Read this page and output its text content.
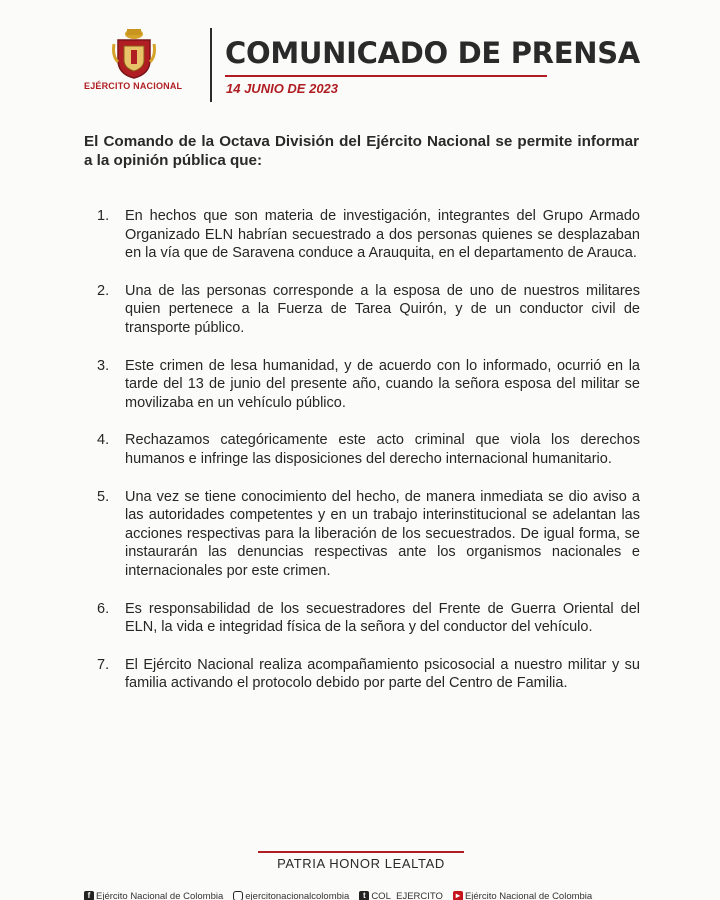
EJÉRCITO NACIONAL
COMUNICADO DE PRENSA
14 JUNIO DE 2023

El Comando de la Octava División del Ejército Nacional se permite informar a la opinión pública que:

1.	En hechos que son materia de investigación, integrantes del Grupo Armado Organizado ELN habrían secuestrado a dos personas quienes se desplazaban en la vía que de Saravena conduce a Arauquita, en el departamento de Arauca.
2.	Una de las personas corresponde a la esposa de uno de nuestros militares quien pertenece a la Fuerza de Tarea Quirón, y de un conductor civil de transporte público.
3.	Este crimen de lesa humanidad, y de acuerdo con lo informado, ocurrió en la tarde del 13 de junio del presente año, cuando la señora esposa del militar se movilizaba en un vehículo público.
4.	Rechazamos categóricamente este acto criminal que viola los derechos humanos e infringe las disposiciones del derecho internacional humanitario.
5.	Una vez se tiene conocimiento del hecho, de manera inmediata se dio aviso a las autoridades competentes y en un trabajo interinstitucional se adelantan las acciones respectivas para la liberación de los secuestrados. De igual forma, se instaurarán las denuncias respectivas ante los organismos nacionales e internacionales por este crimen.
6.	Es responsabilidad de los secuestradores del Frente de Guerra Oriental del ELN, la vida e integridad física de la señora y del conductor del vehículo.
7.	El Ejército Nacional realiza acompañamiento psicosocial a nuestro militar y su familia activando el protocolo debido por parte del Centro de Familia.
PATRIA HONOR LEALTAD
f Ejército Nacional de Colombia ejercitonacionalcolombia	t COL_EJERCITO	▸ Ejército Nacional de Colombia
